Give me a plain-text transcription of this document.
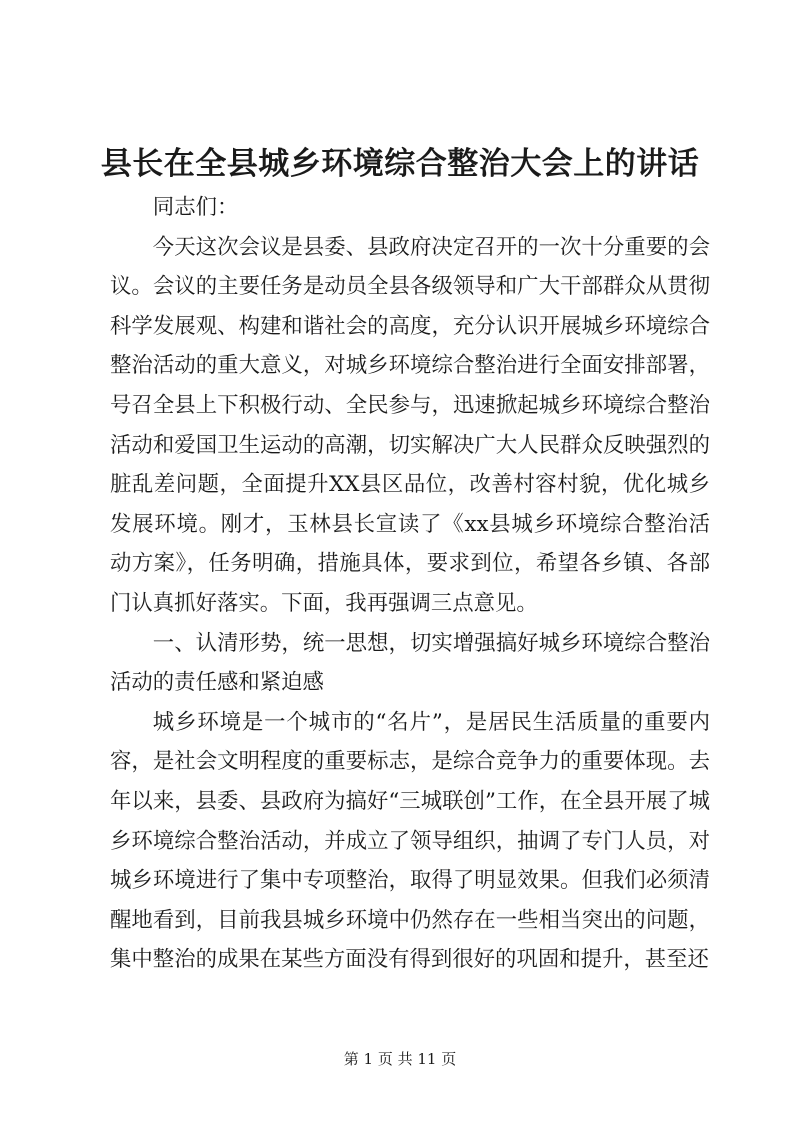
县长在全县城乡环境综合整治大会上的讲话

同志们：

今天这次会议是县委、县政府决定召开的一次十分重要的会议。会议的主要任务是动员全县各级领导和广大干部群众从贯彻科学发展观、构建和谐社会的高度，充分认识开展城乡环境综合整治活动的重大意义，对城乡环境综合整治进行全面安排部署，号召全县上下积极行动、全民参与，迅速掀起城乡环境综合整治活动和爱国卫生运动的高潮，切实解决广大人民群众反映强烈的脏乱差问题，全面提升XX县区品位，改善村容村貌，优化城乡发展环境。刚才，玉林县长宣读了《xx县城乡环境综合整治活动方案》，任务明确，措施具体，要求到位，希望各乡镇、各部门认真抓好落实。下面，我再强调三点意见。

一、认清形势，统一思想，切实增强搞好城乡环境综合整治活动的责任感和紧迫感

城乡环境是一个城市的“名片”，是居民生活质量的重要内容，是社会文明程度的重要标志，是综合竞争力的重要体现。去年以来，县委、县政府为搞好“三城联创”工作，在全县开展了城乡环境综合整治活动，并成立了领导组织，抽调了专门人员，对城乡环境进行了集中专项整治，取得了明显效果。但我们必须清醒地看到，目前我县城乡环境中仍然存在一些相当突出的问题，集中整治的成果在某些方面没有得到很好的巩固和提升，甚至还

第 1 页 共 11 页
